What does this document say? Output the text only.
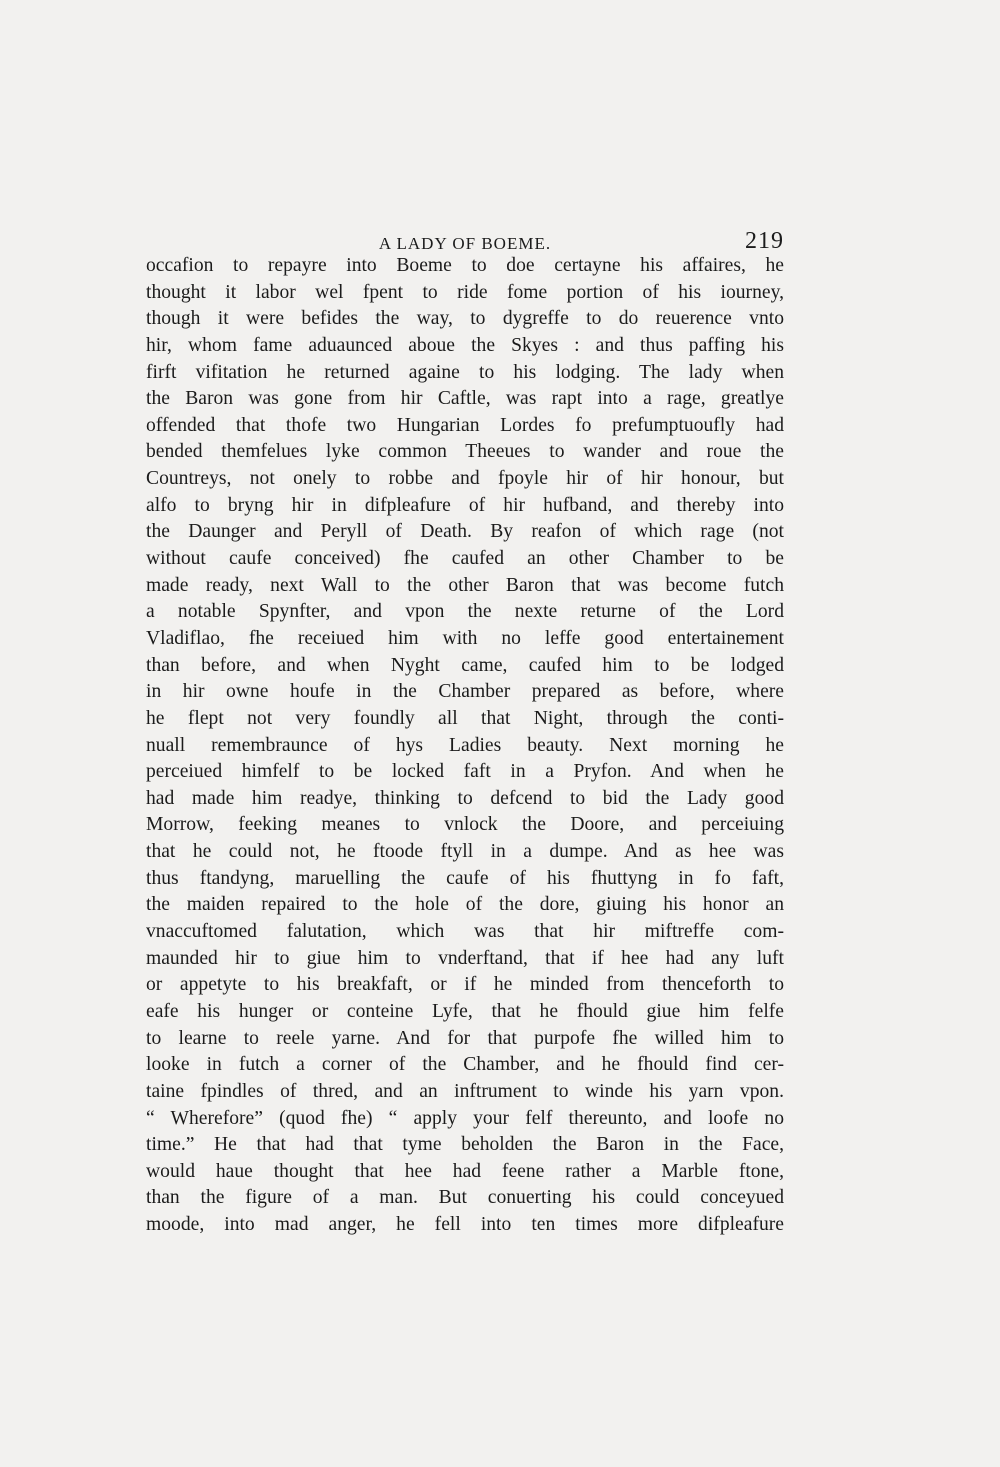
A LADY OF BOEME.	219
occafion to repayre into Boeme to doe certayne his affaires, he
thought it labor wel fpent to ride fome portion of his iourney,
though it were befides the way, to dygreffe to do reuerence vnto
hir, whom fame aduaunced aboue the Skyes : and thus paffing his
firft vifitation he returned againe to his lodging. The lady when
the Baron was gone from hir Caftle, was rapt into a rage, greatlye
offended that thofe two Hungarian Lordes fo prefumptuoufly had
bended themfelues lyke common Theeues to wander and roue the
Countreys, not onely to robbe and fpoyle hir of hir honour, but
alfo to bryng hir in difpleafure of hir hufband, and thereby into
the Daunger and Peryll of Death. By reafon of which rage (not
without caufe conceived) fhe caufed an other Chamber to be
made ready, next Wall to the other Baron that was become futch
a notable Spynfter, and vpon the nexte returne of the Lord
Vladiflao, fhe receiued him with no leffe good entertainement
than before, and when Nyght came, caufed him to be lodged
in hir owne houfe in the Chamber prepared as before, where
he flept not very foundly all that Night, through the conti-
nuall remembraunce of hys Ladies beauty. Next morning he
perceiued himfelf to be locked faft in a Pryfon. And when he
had made him readye, thinking to defcend to bid the Lady good
Morrow, feeking meanes to vnlock the Doore, and perceiuing
that he could not, he ftoode ftyll in a dumpe. And as hee was
thus ftandyng, maruelling the caufe of his fhuttyng in fo faft,
the maiden repaired to the hole of the dore, giuing his honor an
vnaccuftomed falutation, which was that hir miftreffe com-
maunded hir to giue him to vnderftand, that if hee had any luft
or appetyte to his breakfaft, or if he minded from thenceforth to
eafe his hunger or conteine Lyfe, that he fhould giue him felfe
to learne to reele yarne. And for that purpofe fhe willed him to
looke in futch a corner of the Chamber, and he fhould find cer-
taine fpindles of thred, and an inftrument to winde his yarn vpon.
“ Wherefore” (quod fhe) “ apply your felf thereunto, and loofe no
time.” He that had that tyme beholden the Baron in the Face,
would haue thought that hee had feene rather a Marble ftone,
than the figure of a man. But conuerting his could conceyued
moode, into mad anger, he fell into ten times more difpleafure
